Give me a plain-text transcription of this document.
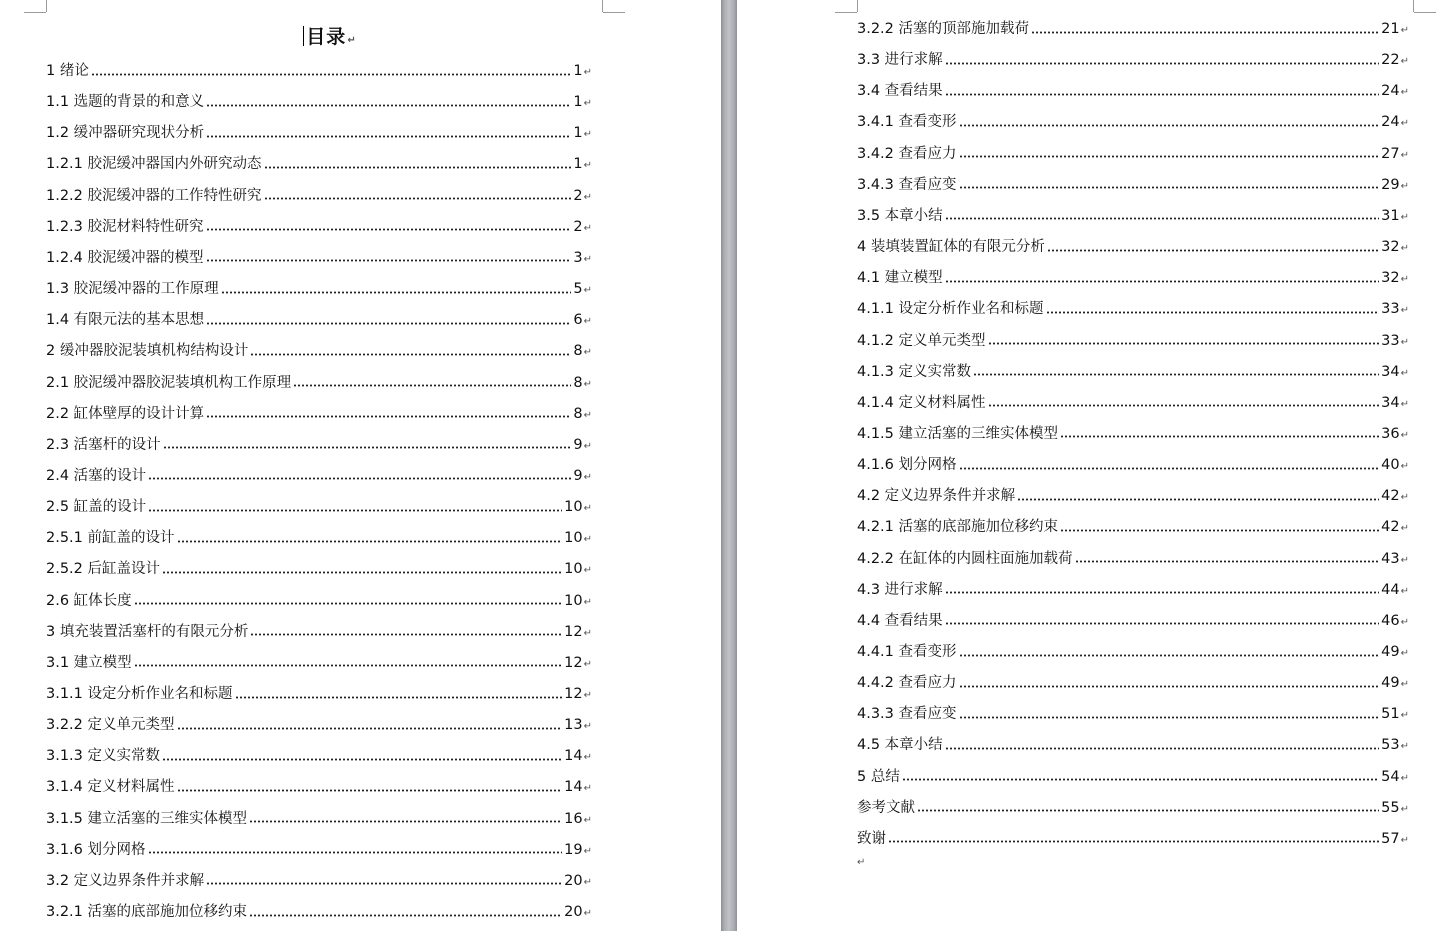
目录↵
1 绪论	1 ↵
1.1 选题的背景的和意义	1 ↵
1.2 缓冲器研究现状分析	1 ↵
1.2.1 胶泥缓冲器国内外研究动态	1 ↵
1.2.2 胶泥缓冲器的工作特性研究	2 ↵
1.2.3 胶泥材料特性研究	2 ↵
1.2.4 胶泥缓冲器的模型	3 ↵
1.3 胶泥缓冲器的工作原理	5 ↵
1.4 有限元法的基本思想	6 ↵
2 缓冲器胶泥装填机构结构设计	8 ↵
2.1 胶泥缓冲器胶泥装填机构工作原理	8 ↵
2.2 缸体壁厚的设计计算	8 ↵
2.3 活塞杆的设计	9 ↵
2.4 活塞的设计	9 ↵
2.5 缸盖的设计	10 ↵
2.5.1 前缸盖的设计	10 ↵
2.5.2 后缸盖设计	10 ↵
2.6 缸体长度	10 ↵
3 填充装置活塞杆的有限元分析	12 ↵
3.1 建立模型	12 ↵
3.1.1 设定分析作业名和标题	12 ↵
3.2.2 定义单元类型	13 ↵
3.1.3 定义实常数	14 ↵
3.1.4 定义材料属性	14 ↵
3.1.5 建立活塞的三维实体模型	16 ↵
3.1.6 划分网格	19 ↵
3.2 定义边界条件并求解	20 ↵
3.2.1 活塞的底部施加位移约束	20 ↵
3.2.2 活塞的顶部施加载荷	21 ↵
3.3 进行求解	22 ↵
3.4 查看结果	24 ↵
3.4.1 查看变形	24 ↵
3.4.2 查看应力	27 ↵
3.4.3 查看应变	29 ↵
3.5 本章小结	31 ↵
4 装填装置缸体的有限元分析	32 ↵
4.1 建立模型	32 ↵
4.1.1 设定分析作业名和标题	33 ↵
4.1.2 定义单元类型	33 ↵
4.1.3 定义实常数	34 ↵
4.1.4 定义材料属性	34 ↵
4.1.5 建立活塞的三维实体模型	36 ↵
4.1.6 划分网格	40 ↵
4.2 定义边界条件并求解	42 ↵
4.2.1 活塞的底部施加位移约束	42 ↵
4.2.2 在缸体的内圆柱面施加载荷	43 ↵
4.3 进行求解	44 ↵
4.4 查看结果	46 ↵
4.4.1 查看变形	49 ↵
4.4.2 查看应力	49 ↵
4.3.3 查看应变	51 ↵
4.5 本章小结	53 ↵
5 总结	54 ↵
参考文献	55 ↵
致谢	57 ↵
↵
